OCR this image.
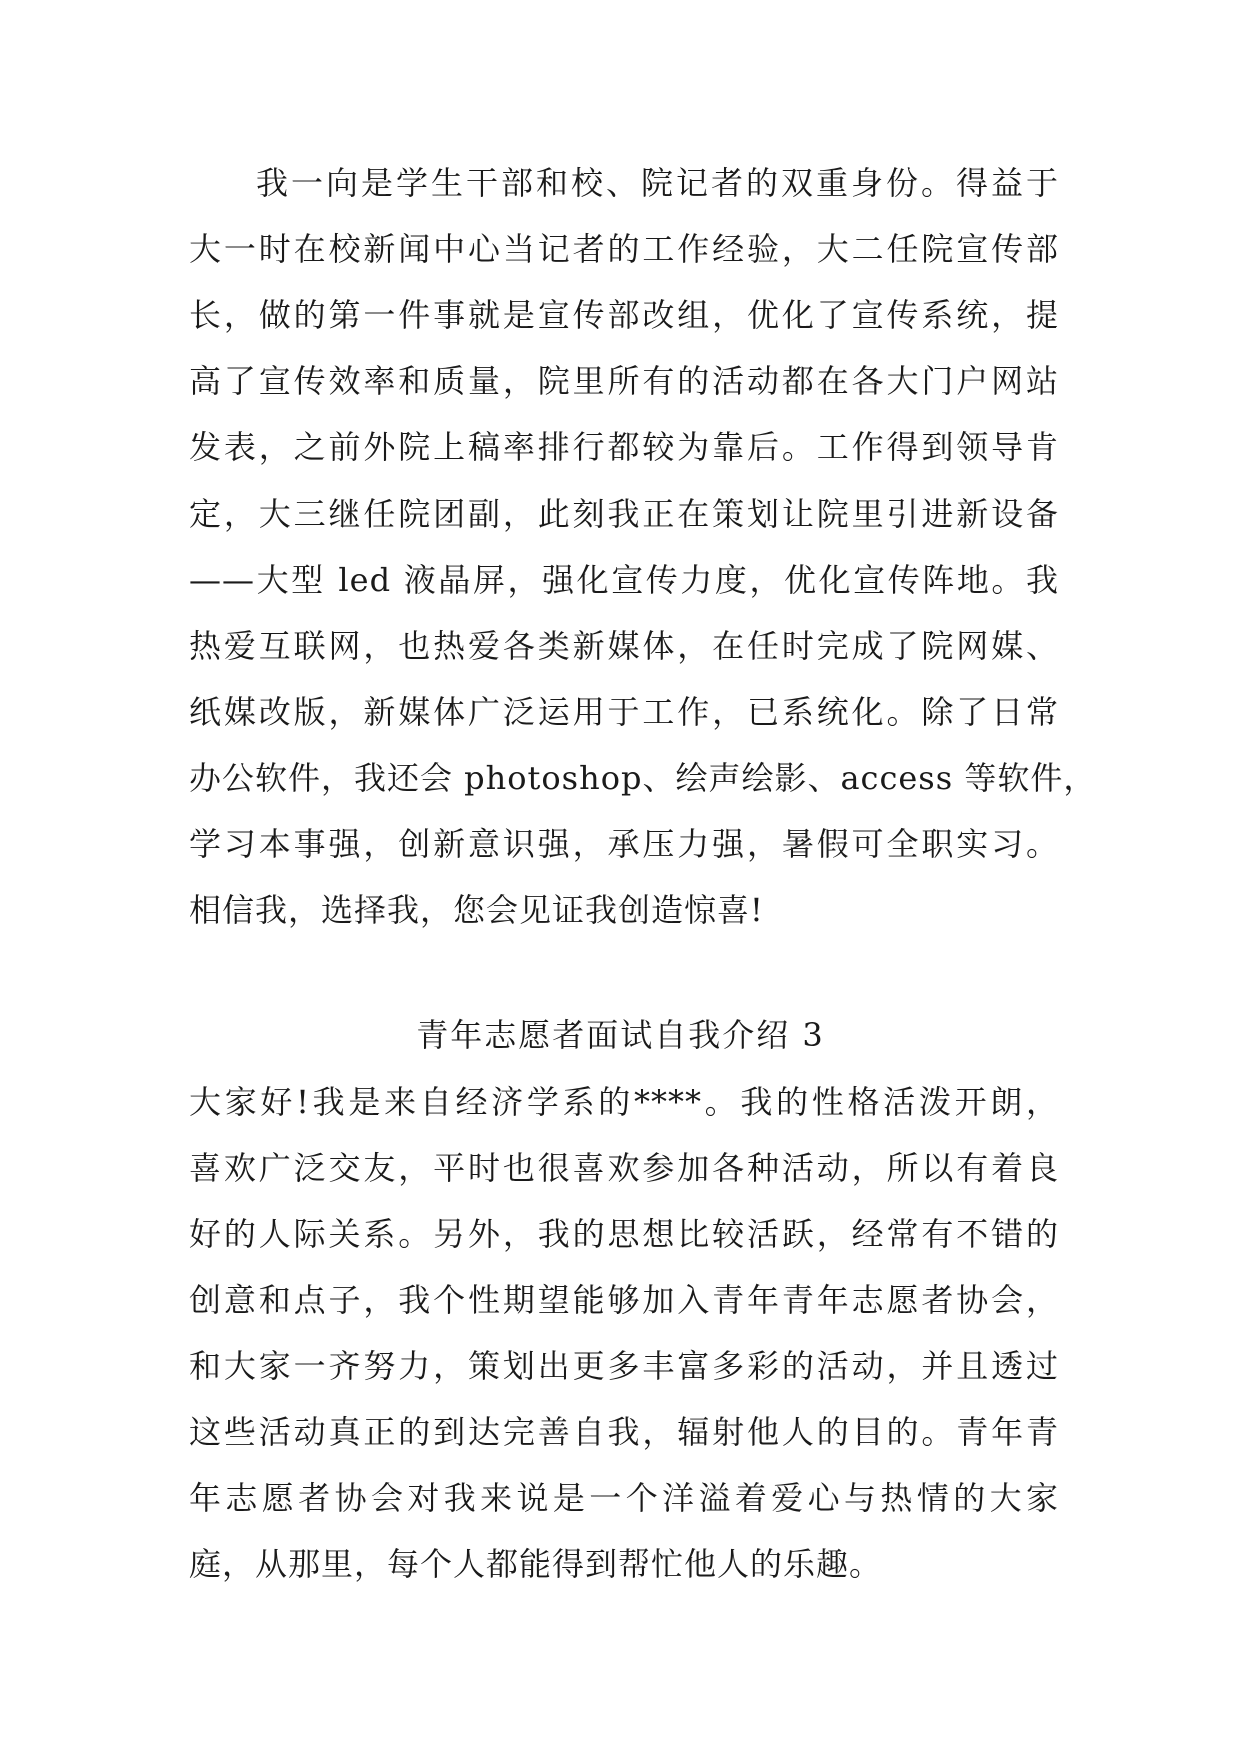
我一向是学生干部和校、院记者的双重身份。得益于
大一时在校新闻中心当记者的工作经验，大二任院宣传部
长，做的第一件事就是宣传部改组，优化了宣传系统，提
高了宣传效率和质量，院里所有的活动都在各大门户网站
发表，之前外院上稿率排行都较为靠后。工作得到领导肯
定，大三继任院团副，此刻我正在策划让院里引进新设备
——大型 led 液晶屏，强化宣传力度，优化宣传阵地。我
热爱互联网，也热爱各类新媒体，在任时完成了院网媒、
纸媒改版，新媒体广泛运用于工作，已系统化。除了日常
办公软件，我还会 photoshop、绘声绘影、access 等软件，
学习本事强，创新意识强，承压力强，暑假可全职实习。
相信我，选择我，您会见证我创造惊喜!
青年志愿者面试自我介绍 3
大家好!我是来自经济学系的****。我的性格活泼开朗，
喜欢广泛交友，平时也很喜欢参加各种活动，所以有着良
好的人际关系。另外，我的思想比较活跃，经常有不错的
创意和点子，我个性期望能够加入青年青年志愿者协会，
和大家一齐努力，策划出更多丰富多彩的活动，并且透过
这些活动真正的到达完善自我，辐射他人的目的。青年青
年志愿者协会对我来说是一个洋溢着爱心与热情的大家
庭，从那里，每个人都能得到帮忙他人的乐趣。
